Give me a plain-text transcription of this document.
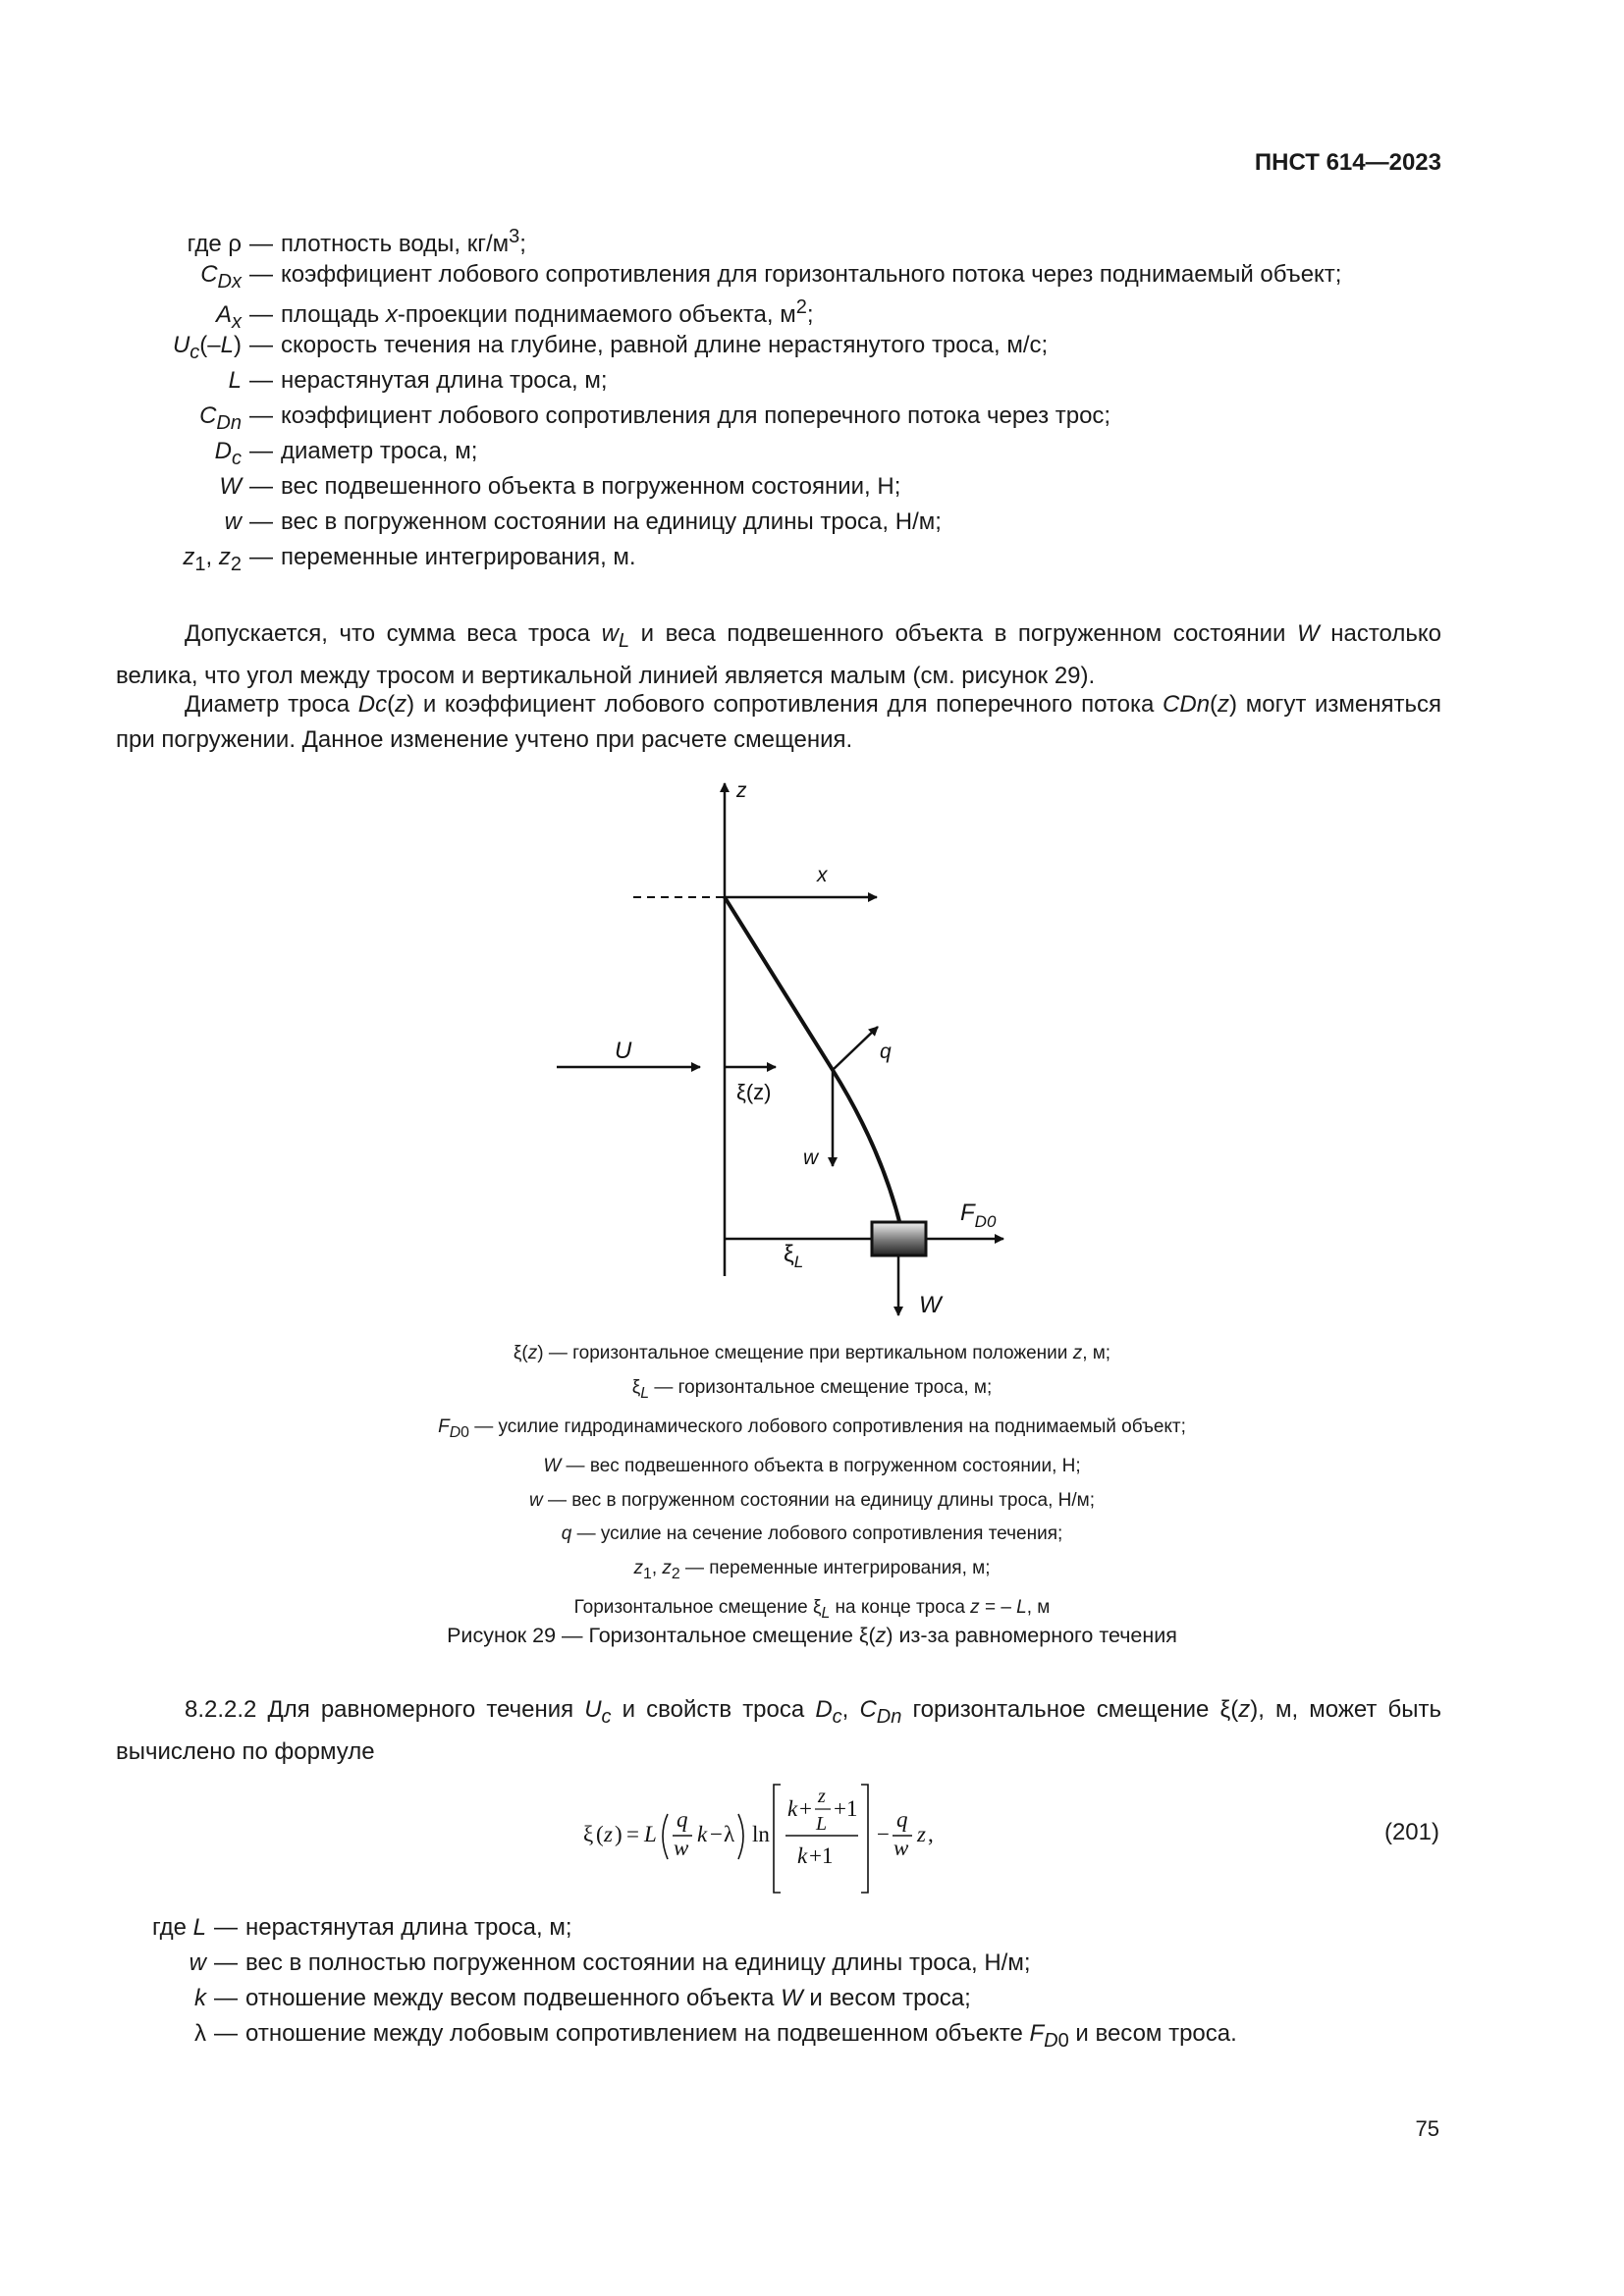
ПНСТ 614—2023
где ρ — плотность воды, $кг/м^3$;
$C_{Dx}$ — коэффициент лобового сопротивления для горизонтального потока через поднимаемый объект;
$A_x$ — площадь x-проекции поднимаемого объекта, $м^2$;
$U_c(-L)$ — скорость течения на глубине, равной длине нерастянутого троса, м/с;
L — нерастянутая длина троса, м;
$C_{Dn}$ — коэффициент лобового сопротивления для поперечного потока через трос;
$D_c$ — диаметр троса, м;
W — вес подвешенного объекта в погруженном состоянии, Н;
w — вес в погруженном состоянии на единицу длины троса, Н/м;
$z_1$, $z_2$ — переменные интегрирования, м.
Допускается, что сумма веса троса $w_L$ и веса подвешенного объекта в погруженном состоянии W настолько велика, что угол между тросом и вертикальной линией является малым (см. рисунок 29).
Диаметр троса Dc(z) и коэффициент лобового сопротивления для поперечного потока CDn(z) могут изменяться при погружении. Данное изменение учтено при расчете смещения.
z
x
U
ξ(z)
q
w
$F_{D0}$
$\xi_L$
W
ξ(z) — горизонтальное смещение при вертикальном положении z, м;
$\xi_L$ — горизонтальное смещение троса, м;
$F_{D0}$ — усилие гидродинамического лобового сопротивления на поднимаемый объект;
W — вес подвешенного объекта в погруженном состоянии, Н;
w — вес в погруженном состоянии на единицу длины троса, Н/м;
q — усилие на сечение лобового сопротивления течения;
$z_1$, $z_2$ — переменные интегрирования, м;
Горизонтальное смещение $\xi_L$ на конце троса z = – L, м
Рисунок 29 — Горизонтальное смещение ξ(z) из-за равномерного течения
8.2.2.2 Для равномерного течения $U_c$ и свойств троса $D_c$, $C_{Dn}$ горизонтальное смещение ξ(z), м, может быть вычислено по формуле
ξ ( z ) = L
q
w
k − λ ln
k + z
L
+1
k +1
−
q
w
z ,	(201)
где L — нерастянутая длина троса, м;
w — вес в полностью погруженном состоянии на единицу длины троса, Н/м;
k — отношение между весом подвешенного объекта W и весом троса;
λ — отношение между лобовым сопротивлением на подвешенном объекте $F_{D0}$ и весом троса.
75
